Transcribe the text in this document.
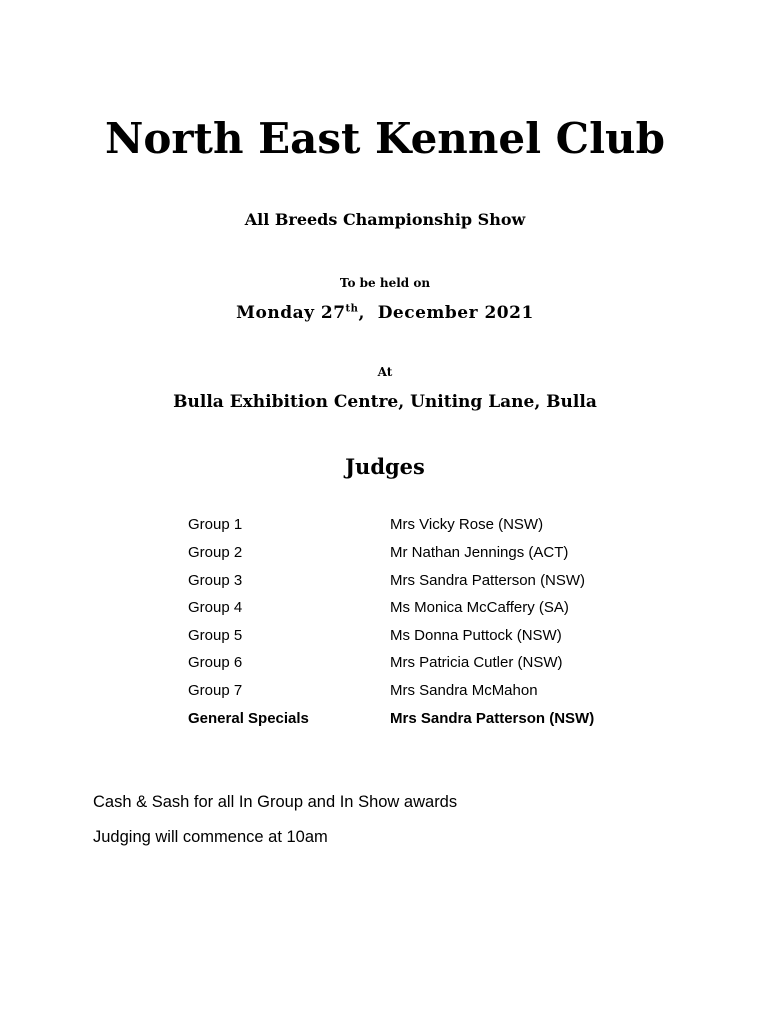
North East Kennel Club
All Breeds Championship Show
To be held on
Monday 27th,  December 2021
At
Bulla Exhibition Centre, Uniting Lane, Bulla
Judges
Group 1	Mrs Vicky Rose (NSW)
Group 2	Mr Nathan Jennings (ACT)
Group 3	Mrs Sandra Patterson (NSW)
Group 4	Ms Monica McCaffery (SA)
Group 5	Ms Donna Puttock (NSW)
Group 6	Mrs Patricia Cutler (NSW)
Group 7	Mrs Sandra McMahon
General Specials	Mrs Sandra Patterson (NSW)
Cash & Sash for all In Group and In Show awards
Judging will commence at 10am
